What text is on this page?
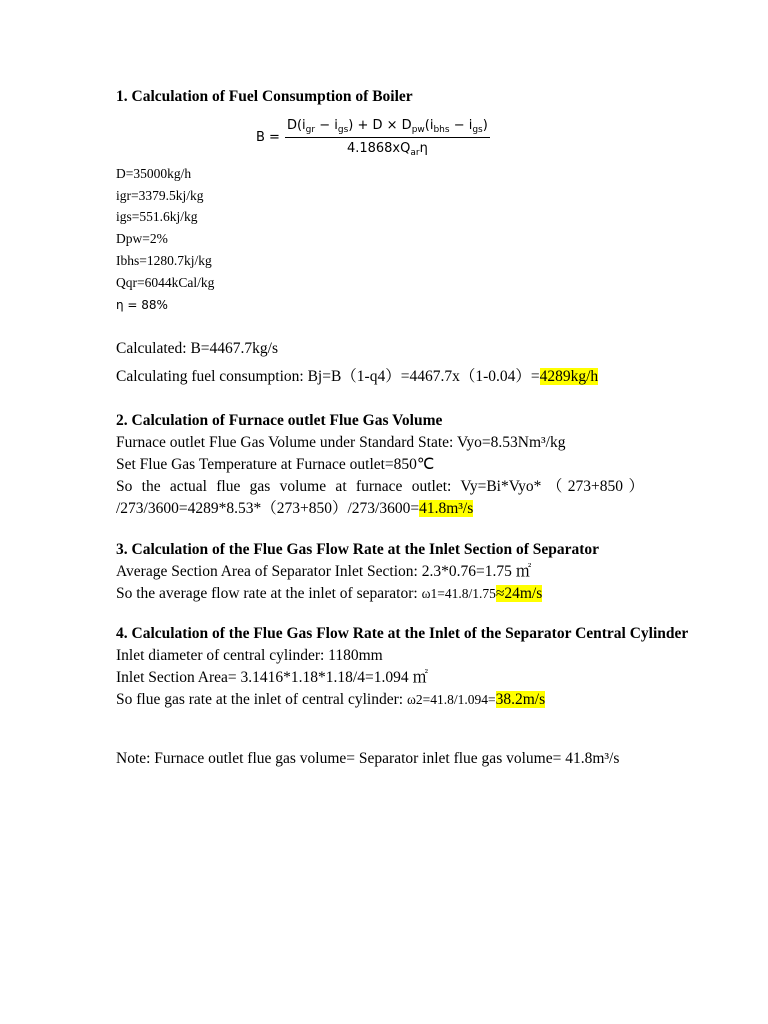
1. Calculation of Fuel Consumption of Boiler
$B = \frac{D(i_{gr} - i_{gs}) + D \times D_{pw}(i_{bhs} - i_{gs})}{4.1868xQ_{ar}\eta}$
D=35000kg/h
igr=3379.5kj/kg
igs=551.6kj/kg
Dpw=2%
Ibhs=1280.7kj/kg
Qqr=6044kCal/kg
η = 88%
Calculated: B=4467.7kg/s
Calculating fuel consumption: Bj=B（1-q4）=4467.7x（1-0.04）=4289kg/h
2. Calculation of Furnace outlet Flue Gas Volume
Furnace outlet Flue Gas Volume under Standard State: Vyo=8.53Nm³/kg
Set Flue Gas Temperature at Furnace outlet=850℃
So the actual flue gas volume at furnace outlet: Vy=Bi*Vyo*（273+850）
/273/3600=4289*8.53*（273+850）/273/3600=41.8m³/s
3. Calculation of the Flue Gas Flow Rate at the Inlet Section of Separator
Average Section Area of Separator Inlet Section: 2.3*0.76=1.75 ㎡
So the average flow rate at the inlet of separator: ω1=41.8/1.75≈24m/s
4. Calculation of the Flue Gas Flow Rate at the Inlet of the Separator Central Cylinder
Inlet diameter of central cylinder: 1180mm
Inlet Section Area= 3.1416*1.18*1.18/4=1.094 ㎡
So flue gas rate at the inlet of central cylinder: ω2=41.8/1.094=38.2m/s
Note: Furnace outlet flue gas volume= Separator inlet flue gas volume= 41.8m³/s
